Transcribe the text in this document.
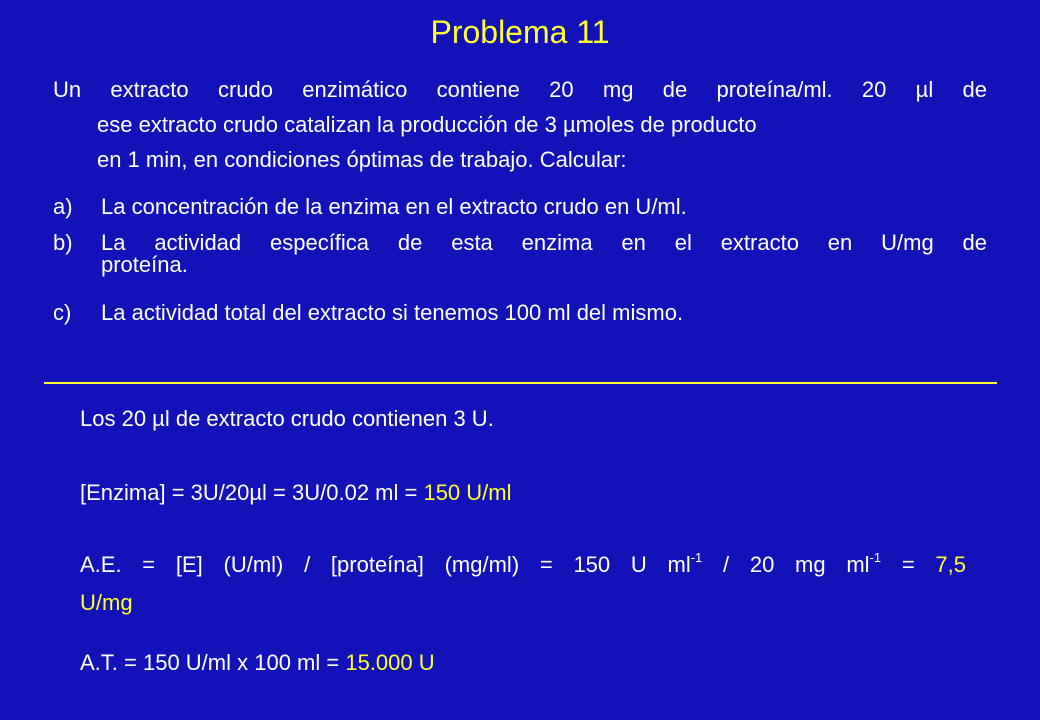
Problema 11
Un extracto crudo enzimático contiene 20 mg de proteína/ml. 20 µl de
ese extracto crudo catalizan la producción de 3 µmoles de producto
en 1 min, en condiciones óptimas de trabajo. Calcular:
a)	La concentración de la enzima en el extracto crudo en U/ml.
b)	La actividad específica de esta enzima en el extracto en U/mg de
proteína.
c)	La actividad total del extracto si tenemos 100 ml del mismo.
Los 20 µl de extracto crudo contienen 3 U.
[Enzima] = 3U/20µl = 3U/0.02 ml = 150 U/ml
A.E. = [E] (U/ml) / [proteína] (mg/ml) = 150 U $ml^{-1} / 20$ mg $ml^{-1} = 7,5$
U/mg
A.T. = 150 U/ml x 100 ml = 15.000 U
